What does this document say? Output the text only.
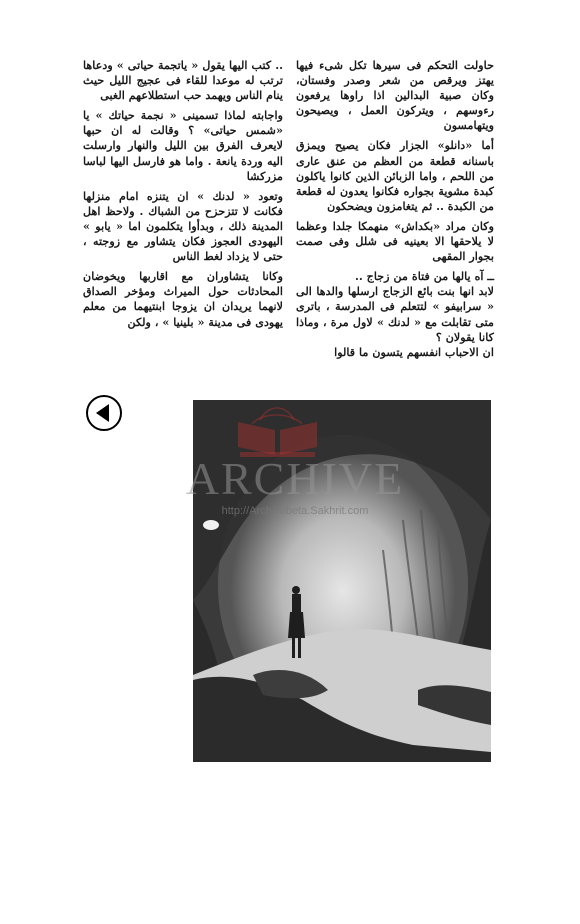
حاولت التحكم فى سيرها تكل شىء فيها يهتز ويرقص من شعر وصدر وفستان، وكان صبية البدالين اذا راوها يرفعون رءوسهم ، ويتركون العمل ، ويصيحون ويتهامسون

أما «دانلو» الجزار فكان يصيح ويمزق باسنانه قطعة من العظم من عنق عارى من اللحم ، واما الزبائن الذين كانوا ياكلون كبدة مشوية بجواره فكانوا يعدون له قطعة من الكبدة .. ثم يتغامزون ويضحكون

وكان مراد «بكداش» منهمكا جلدا وعظما لا يلاحقها الا بعينيه فى شلل وفى صمت بجوار المقهى

ــ آه يالها من فتاة من زجاج ..

لابد انها بنت بائع الزجاج ارسلها والدها الى « سرابيفو » لتتعلم فى المدرسة ، باترى متى تقابلت مع « لدنك » لاول مرة ، وماذا كانا يقولان ؟

ان الاحباب انفسهم يتسون ما قالوا

.. كتب اليها يقول « ياتجمة حياتى » ودعاها ترتب له موعدا للقاء فى عجيج الليل حيث ينام الناس ويهمد حب استطلاعهم الغبى

واجابته لماذا تسمينى « نجمة حياتك » يا «شمس حياتى» ؟ وقالت له ان حبها لايعرف الفرق بين الليل والنهار وارسلت اليه وردة يانعة . واما هو فارسل اليها لباسا مزركشا

وتعود « لدنك » ان يتنزه امام منزلها فكانت لا تتزحزح من الشباك . ولاحظ اهل المدينة ذلك ، وبدأوا يتكلمون اما « يابو » اليهودى العجوز فكان يتشاور مع زوجته ، حتى لا يزداد لغط الناس

وكانا يتشاوران مع اقاربها ويخوضان المحادثات حول الميراث ومؤخر الصداق لانهما يريدان ان يزوجا ابنتيهما من معلم يهودى فى مدينة « بلينيا » ، ولكن

ARCHIVE
http://Archivebeta.Sakhrit.com
